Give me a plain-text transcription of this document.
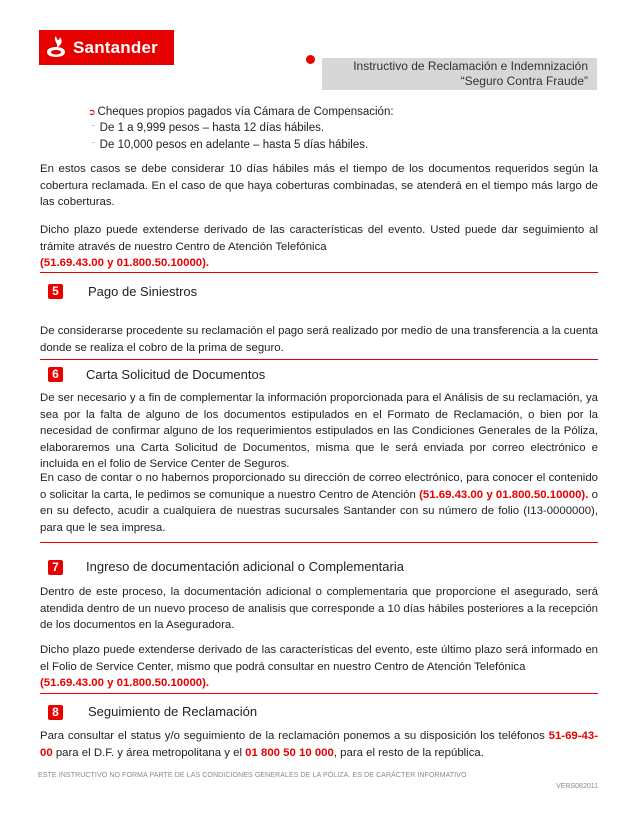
Santander
Instructivo de Reclamación e Indemnización
“Seguro Contra Fraude”
➲ Cheques propios pagados vía Cámara de Compensación:
¨ De 1 a 9,999 pesos – hasta 12 días hábiles.
¨ De 10,000 pesos en adelante – hasta 5 días hábiles.
En estos casos se debe considerar 10 días hábiles más el tiempo de los documentos requeridos según la cobertura reclamada. En el caso de que haya coberturas combinadas, se atenderá en el tiempo más largo de las coberturas.
Dicho plazo puede extenderse derivado de las características del evento. Usted puede dar seguimiento al trámite através de nuestro Centro de Atención Telefónica
(51.69.43.00 y 01.800.50.10000).
5	Pago de Siniestros
De considerarse procedente su reclamación el pago será realizado por medio de una transferencia a la cuenta donde se realiza el cobro de la prima de seguro.
6	Carta Solicitud de Documentos
De ser necesario y a fin de complementar la información proporcionada para el Análisis de su reclamación, ya sea por la falta de alguno de los documentos estipulados en el Formato de Reclamación, o bien por la necesidad de confirmar alguno de los requerimientos estipulados en las Condiciones Generales de la Póliza, elaboraremos una Carta Solicitud de Documentos, misma que le será enviada por correo electrónico e incluida en el folio de Service Center de Seguros.
En caso de contar o no habernos proporcionado su dirección de correo electrónico, para conocer el contenido o solicitar la carta, le pedimos se comunique a nuestro Centro de Atención (51.69.43.00 y 01.800.50.10000). o en su defecto, acudir a cualquiera de nuestras sucursales Santander con su número de folio (I13-0000000), para que le sea impresa.
7	Ingreso de documentación adicional o Complementaria
Dentro de este proceso, la documentación adicional o complementaria que proporcione el asegurado, será atendida dentro de un nuevo proceso de analisis que corresponde a 10 días hábiles posteriores a la recepción de los documentos en la Aseguradora.
Dicho plazo puede extenderse derivado de las características del evento, este último plazo será informado en el Folio de Service Center, mismo que podrá consultar en nuestro Centro de Atención Telefónica
(51.69.43.00 y 01.800.50.10000).
8	Seguimiento de Reclamación
Para consultar el status y/o seguimiento de la reclamación ponemos a su disposición los teléfonos 51-69-43-00 para el D.F. y área metropolitana y el 01 800 50 10 000, para el resto de la república.
ESTE INSTRUCTIVO NO FORMA PARTE DE LAS CONDICIONES GENERALES DE LA PÓLIZA. ES DE CARÁCTER INFORMATIVO
VERS082011
